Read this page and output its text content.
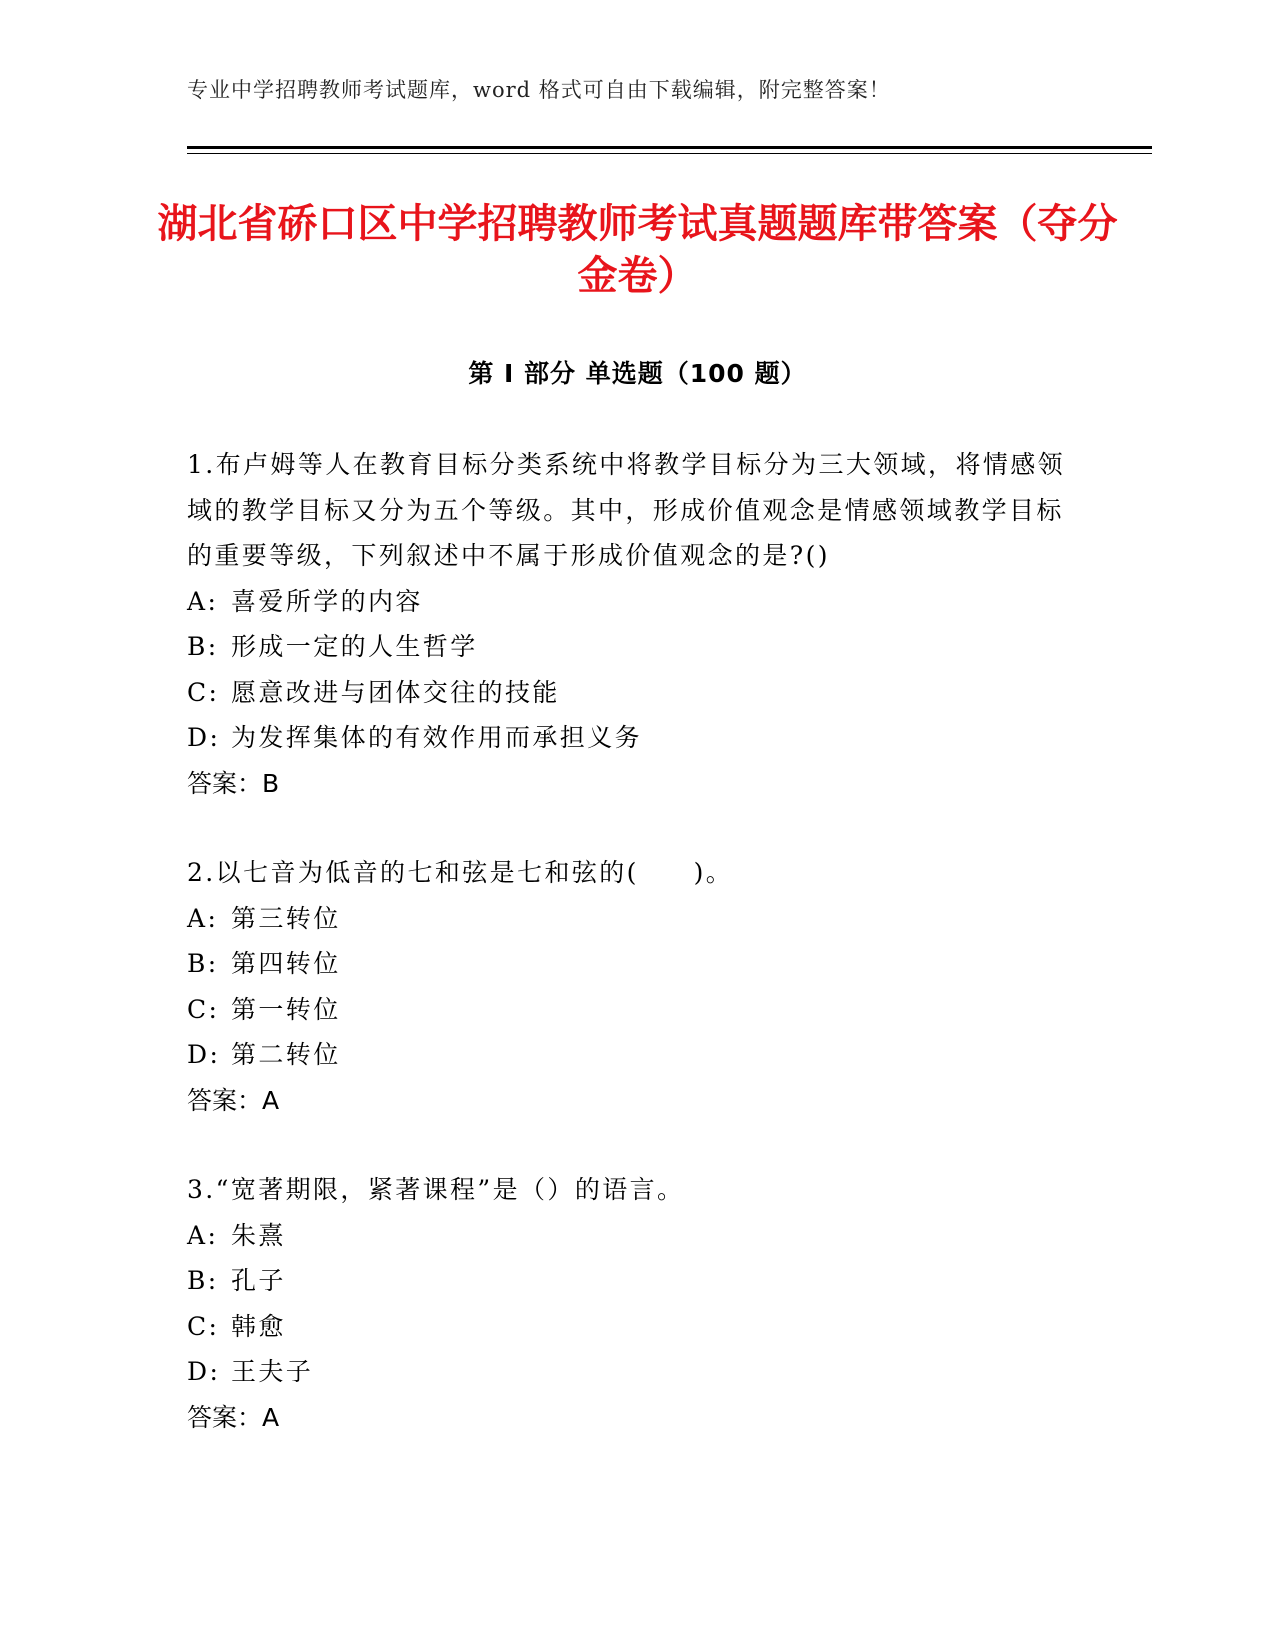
专业中学招聘教师考试题库，word 格式可自由下载编辑，附完整答案！
湖北省硚口区中学招聘教师考试真题题库带答案（夺分金卷）
第 I 部分 单选题（100 题）
1.布卢姆等人在教育目标分类系统中将教学目标分为三大领域，将情感领域的教学目标又分为五个等级。其中，形成价值观念是情感领域教学目标的重要等级，下列叙述中不属于形成价值观念的是?()
A: 喜爱所学的内容
B: 形成一定的人生哲学
C: 愿意改进与团体交往的技能
D: 为发挥集体的有效作用而承担义务
答案：B
2.以七音为低音的七和弦是七和弦的(　　)。
A: 第三转位
B: 第四转位
C: 第一转位
D: 第二转位
答案：A
3.“宽著期限，紧著课程”是（）的语言。
A: 朱熹
B: 孔子
C: 韩愈
D: 王夫子
答案：A
